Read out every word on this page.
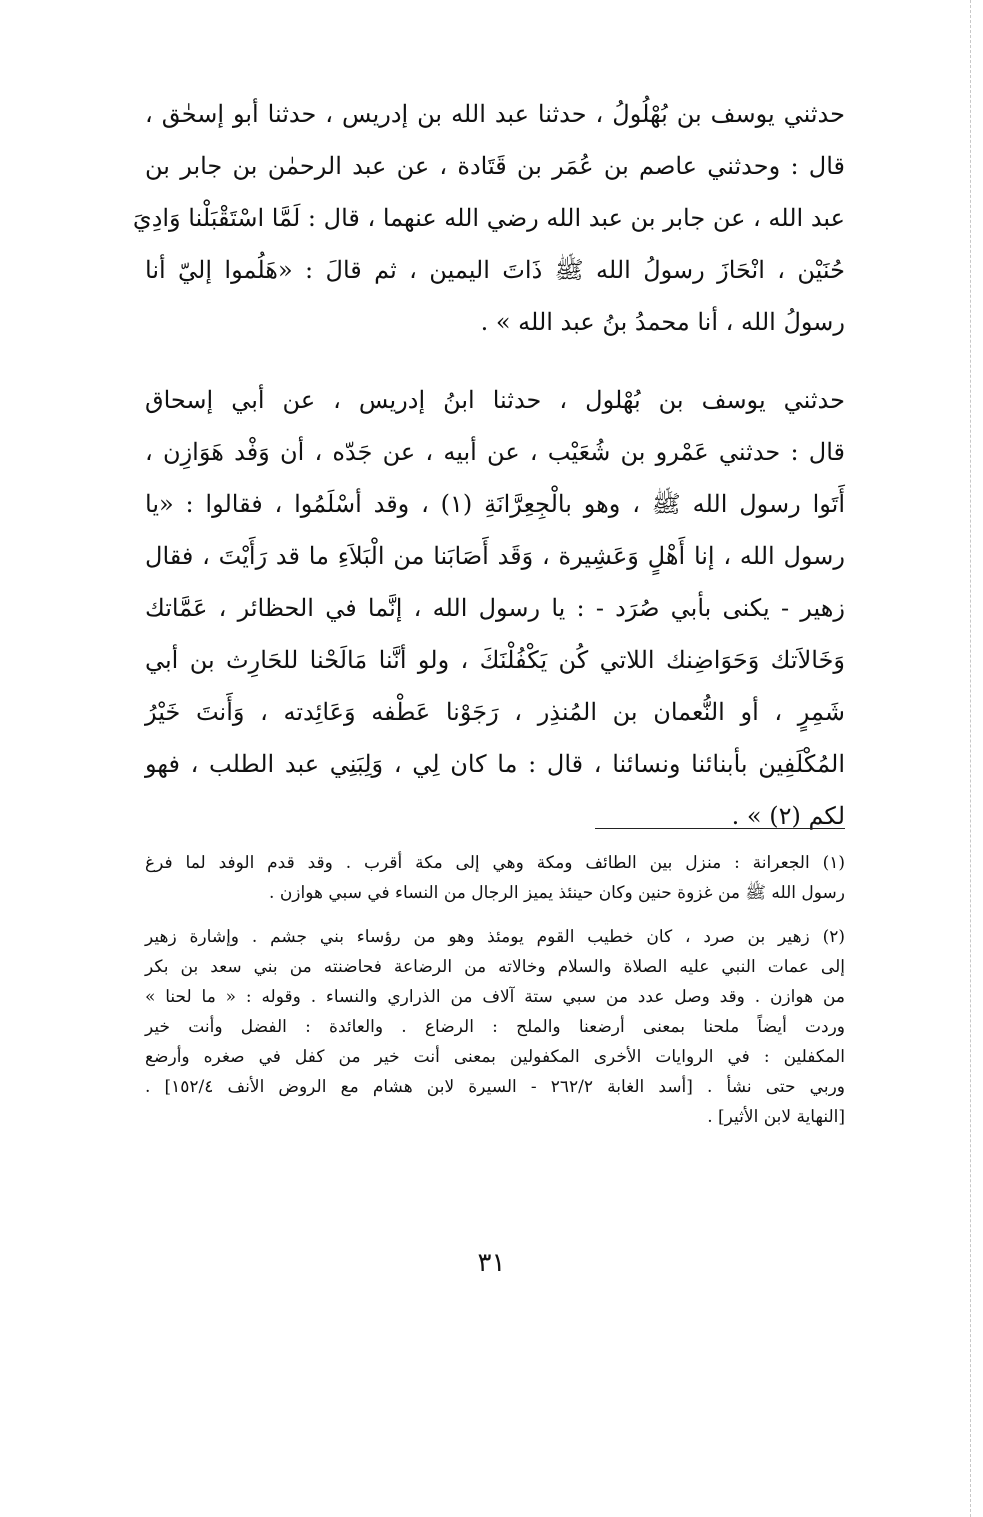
حدثني يوسف بن بُهْلُولُ ، حدثنا عبد الله بن إدريس ، حدثنا أبو إسحٰق ،
قال : وحدثني عاصم بن عُمَر بن قَتَادة ، عن عبد الرحمٰن بن جابر بن
عبد الله ، عن جابر بن عبد الله رضي الله عنهما ، قال : لَمَّا اسْتَقْبَلْنا وَادِيَ
حُنَيْن ، انْحَازَ رسولُ الله ﷺ ذَاتَ اليمين ، ثم قالَ : «هَلُموا إليّ أنا
رسولُ الله ، أنا محمدُ بنُ عبد الله » .

حدثني يوسف بن بُهْلول ، حدثنا ابنُ إدريس ، عن أبي إسحاق
قال : حدثني عَمْرو بن شُعَيْب ، عن أبيه ، عن جَدّه ، أن وَفْد هَوَازِن ،
أَتَوا رسول الله ﷺ ، وهو بالْجِعِرَّانَةِ (١) ، وقد أسْلَمُوا ، فقالوا : «يا
رسول الله ، إنا أَهْلٍ وَعَشِيرة ، وَقَد أَصَابَنا من الْبَلاَءِ ما قد رَأَيْتَ ، فقال
زهير - يكنى بأبي صُرَد - : يا رسول الله ، إنَّما في الحظائر ، عَمَّاتك
وَخَالاَتك وَحَوَاضِنك اللاتي كُن يَكْفُلْنَكَ ، ولو أنَّنا مَالَحْنا للحَارِث بن أبي
شَمِرٍ ، أو النُّعمان بن المُنذِر ، رَجَوْنا عَطْفه وَعَائِدته ، وَأَنتَ خَيْرُ
المُكْلَفِين بأبنائنا ونسائنا ، قال : ما كان لِي ، وَلِبَنِي عبد الطلب ، فهو
لكم (٢) » .

(١) الجعرانة : منزل بين الطائف ومكة وهي إلى مكة أقرب . وقد قدم الوفد لما فرغ
رسول الله ﷺ من غزوة حنين وكان حينئذ يميز الرجال من النساء في سبي هوازن .

(٢) زهير بن صرد ، كان خطيب القوم يومئذ وهو من رؤساء بني جشم . وإشارة زهير
إلى عمات النبي عليه الصلاة والسلام وخالاته من الرضاعة فحاضنته من بني سعد بن بكر
من هوازن . وقد وصل عدد من سبي ستة آلاف من الذراري والنساء . وقوله : « ما لحنا »
وردت أيضاً ملحنا بمعنى أرضعنا والملح : الرضاع . والعائدة : الفضل وأنت خير
المكفلين : في الروايات الأخرى المكفولين بمعنى أنت خير من كفل في صغره وأرضع
وربي حتى نشأ . [أسد الغابة ٢٦٢/٢ - السيرة لابن هشام مع الروض الأنف ١٥٢/٤] .
[النهاية لابن الأثير] .

٣١
